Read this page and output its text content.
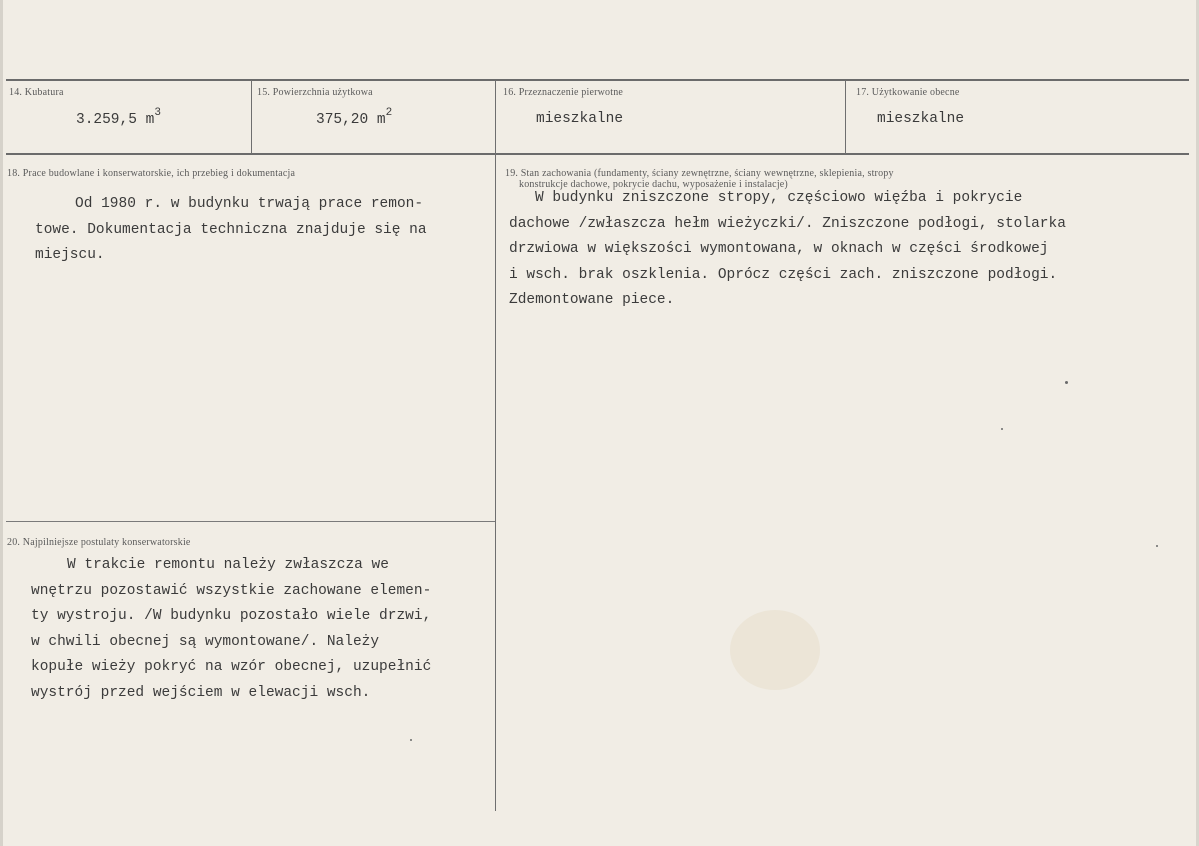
14. Kubatura
3.259,5 $m^3$
15. Powierzchnia użytkowa
375,20 $m^2$
16. Przeznaczenie pierwotne
mieszkalne
17. Użytkowanie obecne
mieszkalne
18. Prace budowlane i konserwatorskie, ich przebieg i dokumentacja
Od 1980 r. w budynku trwają prace remon-
towe. Dokumentacja techniczna znajduje się na
miejscu.
19. Stan zachowania (fundamenty, ściany zewnętrzne, ściany wewnętrzne, sklepienia, stropy
konstrukcje dachowe, pokrycie dachu, wyposażenie i instalacje)
W budynku zniszczone stropy, częściowo więźba i pokrycie
dachowe /zwłaszcza hełm wieżyczki/. Zniszczone podłogi, stolarka
drzwiowa w większości wymontowana, w oknach w części środkowej
i wsch. brak oszklenia. Oprócz części zach. zniszczone podłogi.
Zdemontowane piece.
20. Najpilniejsze postulaty konserwatorskie
W trakcie remontu należy zwłaszcza we
wnętrzu pozostawić wszystkie zachowane elemen-
ty wystroju. /W budynku pozostało wiele drzwi,
w chwili obecnej są wymontowane/. Należy
kopułe wieży pokryć na wzór obecnej, uzupełnić
wystrój przed wejściem w elewacji wsch.
